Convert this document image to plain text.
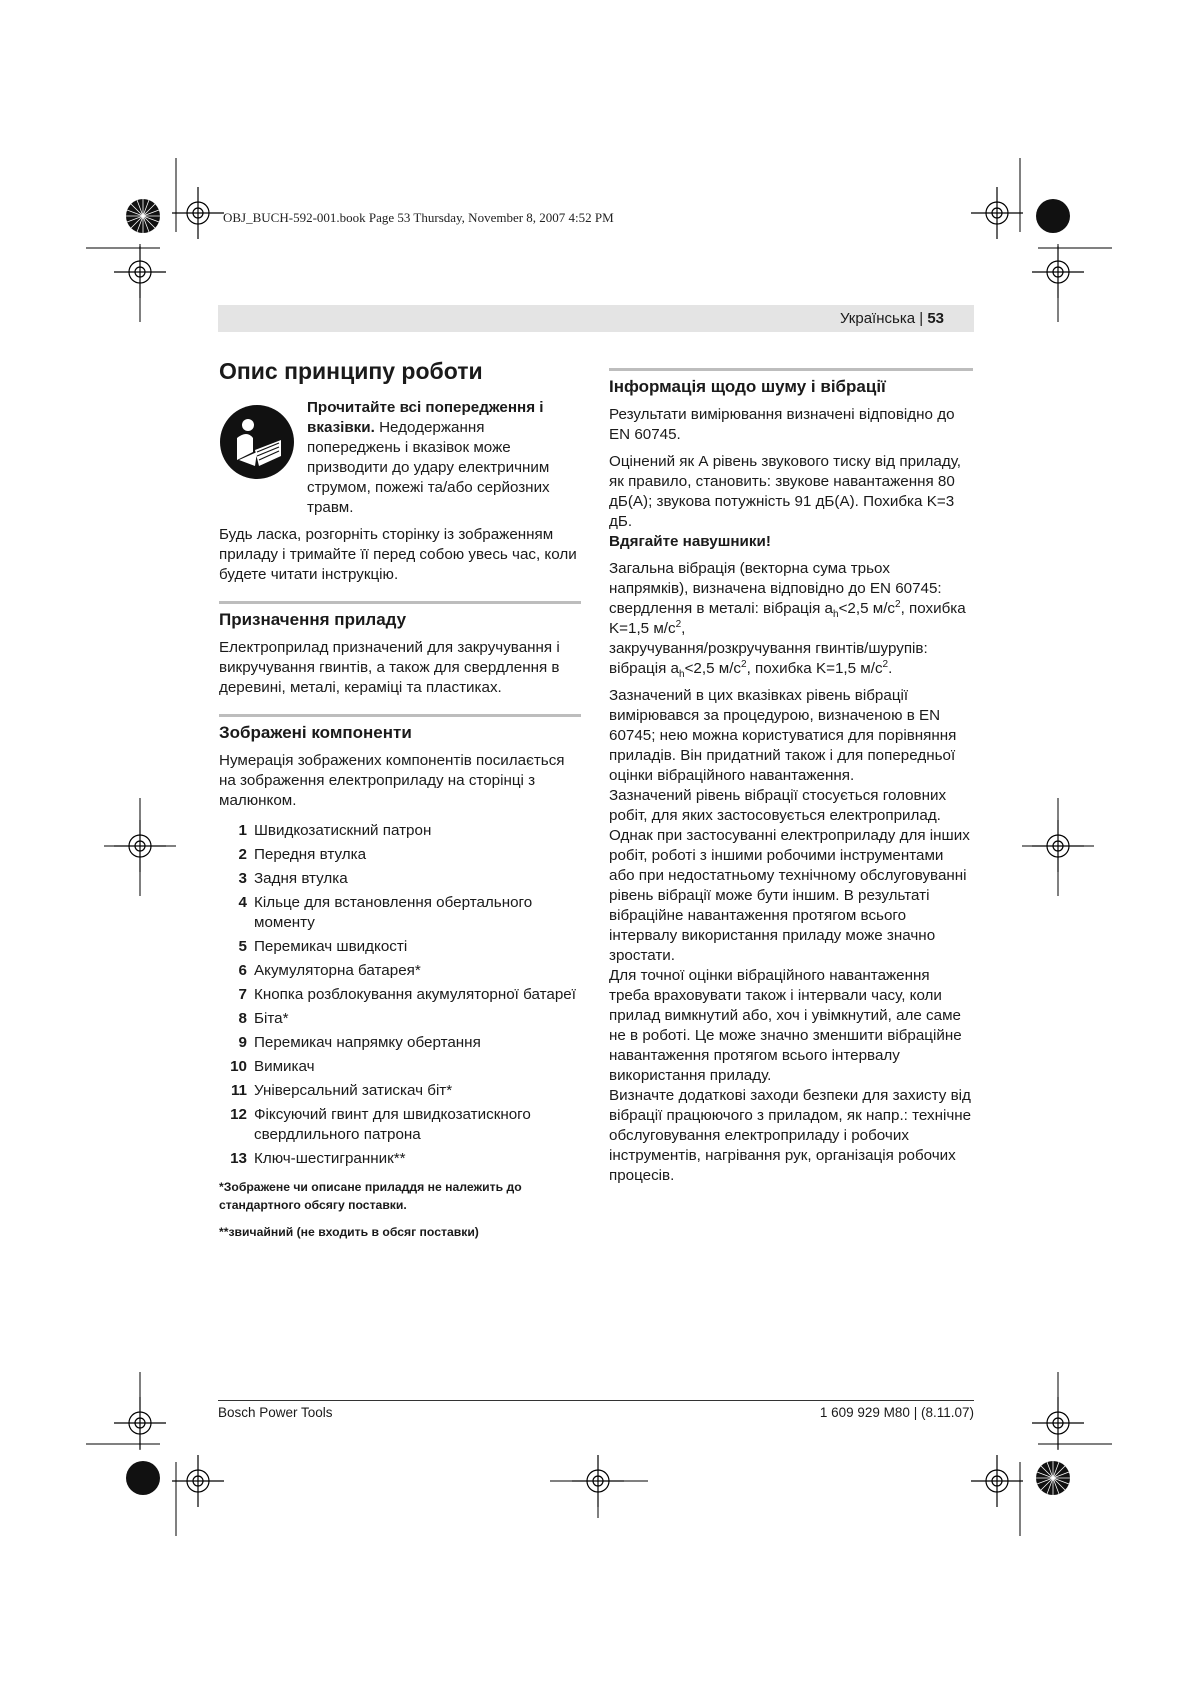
OBJ_BUCH-592-001.book Page 53 Thursday, November 8, 2007 4:52 PM
Українська | 53
Опис принципу роботи
Прочитайте всі попередження і вказівки. Недодержання попереджень і вказівок може призводити до удару електричним струмом, пожежі та/або серйозних травм.

Будь ласка, розгорніть сторінку із зображенням приладу і тримайте її перед собою увесь час, коли будете читати інструкцію.

Призначення приладу

Електроприлад призначений для закручування і викручування гвинтів, а також для свердлення в деревині, металі, кераміці та пластиках.

Зображені компоненти

Нумерація зображених компонентів посилається на зображення електроприладу на сторінці з малюнком.

1 Швидкозатискний патрон
2 Передня втулка
3 Задня втулка
4 Кільце для встановлення обертального моменту
5 Перемикач швидкості
6 Акумуляторна батарея*
7 Кнопка розблокування акумуляторної батареї
8 Біта*
9 Перемикач напрямку обертання
10 Вимикач
11 Універсальний затискач біт*
12 Фіксуючий гвинт для швидкозатискного свердлильного патрона
13 Ключ-шестигранник**
*Зображене чи описане приладдя не належить до стандартного обсягу поставки.
**звичайний (не входить в обсяг поставки)
Інформація щодо шуму і вібрації

Результати вимірювання визначені відповідно до EN 60745.

Оцінений як А рівень звукового тиску від приладу, як правило, становить: звукове навантаження 80 дБ(A); звукова потужність 91 дБ(A). Похибка K=3 дБ.

Вдягайте навушники!

Загальна вібрація (векторна сума трьох напрямків), визначена відповідно до EN 60745: свердлення в металі: вібрація $a_h<2,5$ $м/с^2$, похибка K=1,5 $м/с^2$,
закручування/розкручування гвинтів/шурупів: вібрація $a_h<2,5$ $м/с^2$, похибка K=1,5 $м/с^2$.

Зазначений в цих вказівках рівень вібрації вимірювався за процедурою, визначеною в EN 60745; нею можна користуватися для порівняння приладів. Він придатний також і для попередньої оцінки вібраційного навантаження.

Зазначений рівень вібрації стосується головних робіт, для яких застосовується електроприлад. Однак при застосуванні електроприладу для інших робіт, роботі з іншими робочими інструментами або при недостатньому технічному обслуговуванні рівень вібрації може бути іншим. В результаті вібраційне навантаження протягом всього інтервалу використання приладу може значно зростати.

Для точної оцінки вібраційного навантаження треба враховувати також і інтервали часу, коли прилад вимкнутий або, хоч і увімкнутий, але саме не в роботі. Це може значно зменшити вібраційне навантаження протягом всього інтервалу використання приладу.

Визначте додаткові заходи безпеки для захисту від вібрації працюючого з приладом, як напр.: технічне обслуговування електроприладу і робочих інструментів, нагрівання рук, організація робочих процесів.

Bosch Power Tools	1 609 929 M80 | (8.11.07)
